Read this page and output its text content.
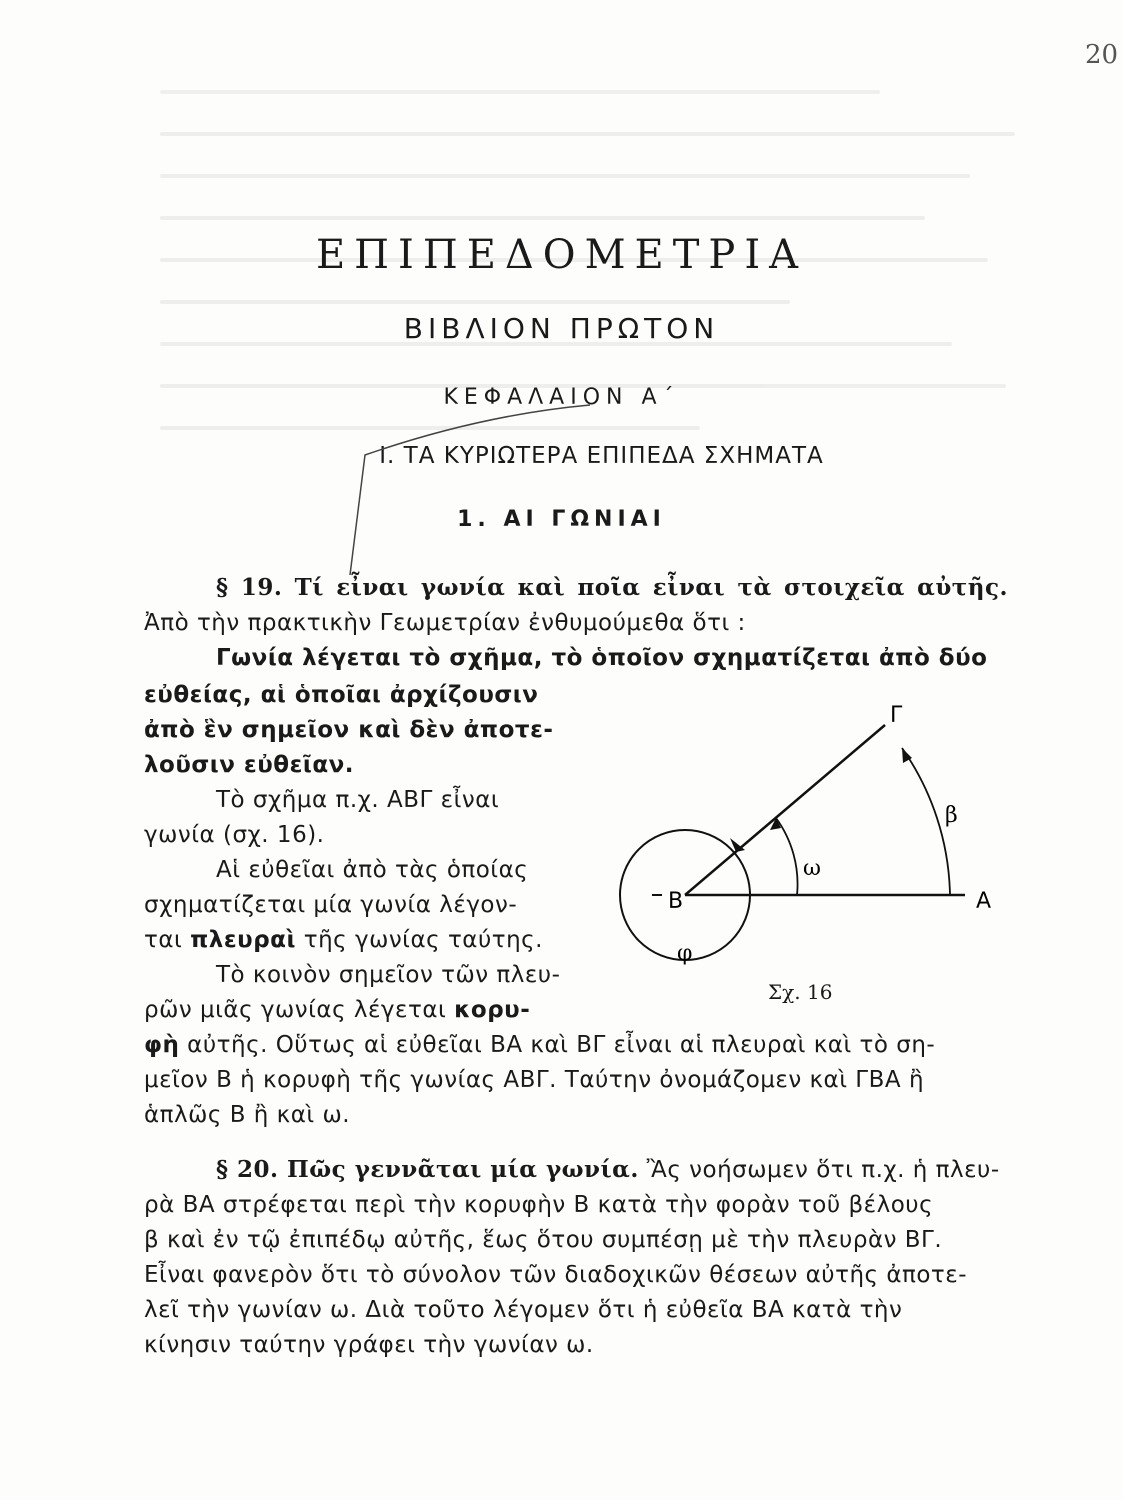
20
ΕΠΙΠΕΔΟΜΕΤΡΙΑ
ΒΙΒΛΙΟΝ ΠΡΩΤΟΝ
ΚΕΦΑΛΑΙΟΝ Α΄
Ι. ΤΑ ΚΥΡΙΩΤΕΡΑ ΕΠΙΠΕΔΑ ΣΧΗΜΑΤΑ
1. ΑΙ ΓΩΝΙΑΙ

§ 19. Τί εἶναι γωνία καὶ ποῖα εἶναι τὰ στοιχεῖα αὐτῆς. Ἀπὸ τὴν πρακτικὴν Γεωμετρίαν ἐνθυμούμεθα ὅτι :

Γωνία λέγεται τὸ σχῆμα, τὸ ὁποῖον σχηματίζεται ἀπὸ δύο

εὐθείας, αἱ ὁποῖαι ἀρχίζουσιν

ἀπὸ ἓν σημεῖον καὶ δὲν ἀποτε-

λοῦσιν εὐθεῖαν.

Τὸ σχῆμα π.χ. ΑΒΓ εἶναι

γωνία (σχ. 16).

Αἱ εὐθεῖαι ἀπὸ τὰς ὁποίας

σχηματίζεται μία γωνία λέγον-

ται πλευραὶ τῆς γωνίας ταύτης.

Τὸ κοινὸν σημεῖον τῶν πλευ-

ρῶν μιᾶς γωνίας λέγεται κορυ-

φὴ αὐτῆς. Οὕτως αἱ εὐθεῖαι ΒΑ καὶ ΒΓ εἶναι αἱ πλευραὶ καὶ τὸ ση-

μεῖον Β ἡ κορυφὴ τῆς γωνίας ΑΒΓ. Ταύτην ὀνομάζομεν καὶ ΓΒΑ ἢ

ἁπλῶς Β ἢ καὶ ω.

§ 20. Πῶς γεννᾶται μία γωνία. Ἂς νοήσωμεν ὅτι π.χ. ἡ πλευ-

ρὰ ΒΑ στρέφεται περὶ τὴν κορυφὴν Β κατὰ τὴν φορὰν τοῦ βέλους

β καὶ ἐν τῷ ἐπιπέδῳ αὐτῆς, ἕως ὅτου συμπέσῃ μὲ τὴν πλευρὰν ΒΓ.

Εἶναι φανερὸν ὅτι τὸ σύνολον τῶν διαδοχικῶν θέσεων αὐτῆς ἀποτε-

λεῖ τὴν γωνίαν ω. Διὰ τοῦτο λέγομεν ὅτι ἡ εὐθεῖα ΒΑ κατὰ τὴν

κίνησιν ταύτην γράφει τὴν γωνίαν ω.

Β	Α
Γ
ω
β
φ
Σχ. 16
